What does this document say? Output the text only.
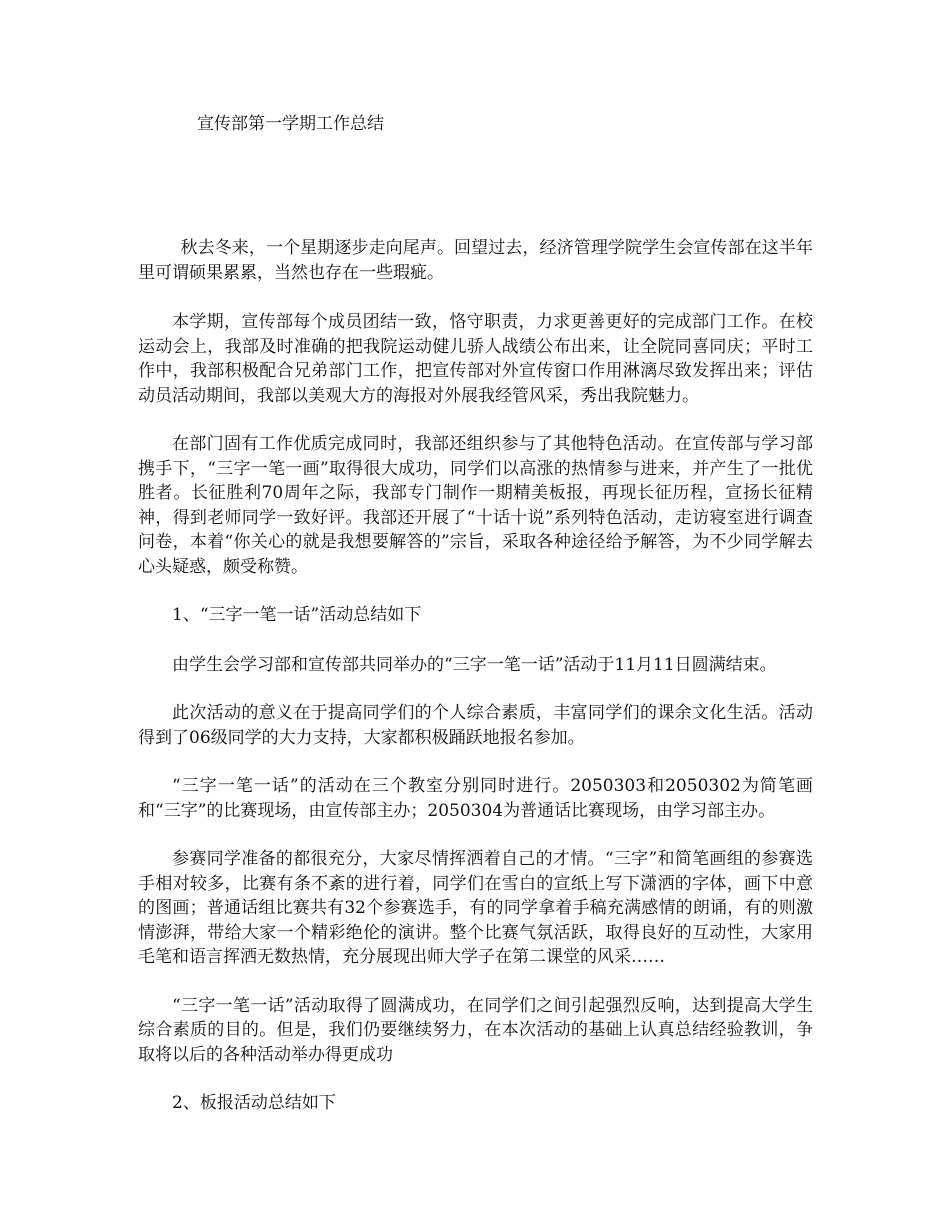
宣传部第一学期工作总结

秋去冬来，一个星期逐步走向尾声。回望过去，经济管理学院学生会宣传部在这半年里可谓硕果累累，当然也存在一些瑕疵。

本学期，宣传部每个成员团结一致，恪守职责，力求更善更好的完成部门工作。在校运动会上，我部及时准确的把我院运动健儿骄人战绩公布出来，让全院同喜同庆；平时工作中，我部积极配合兄弟部门工作，把宣传部对外宣传窗口作用淋漓尽致发挥出来；评估动员活动期间，我部以美观大方的海报对外展我经管风采，秀出我院魅力。

在部门固有工作优质完成同时，我部还组织参与了其他特色活动。在宣传部与学习部携手下，“三字一笔一画”取得很大成功，同学们以高涨的热情参与进来，并产生了一批优胜者。长征胜利70周年之际，我部专门制作一期精美板报，再现长征历程，宣扬长征精神，得到老师同学一致好评。我部还开展了“十话十说”系列特色活动，走访寝室进行调查问卷，本着“你关心的就是我想要解答的”宗旨，采取各种途径给予解答，为不少同学解去心头疑惑，颇受称赞。

1、“三字一笔一话”活动总结如下

由学生会学习部和宣传部共同举办的“三字一笔一话”活动于11月11日圆满结束。

此次活动的意义在于提高同学们的个人综合素质，丰富同学们的课余文化生活。活动得到了06级同学的大力支持，大家都积极踊跃地报名参加。

“三字一笔一话”的活动在三个教室分别同时进行。2050303和2050302为简笔画和“三字”的比赛现场，由宣传部主办；2050304为普通话比赛现场，由学习部主办。

参赛同学准备的都很充分，大家尽情挥洒着自己的才情。“三字”和简笔画组的参赛选手相对较多，比赛有条不紊的进行着，同学们在雪白的宣纸上写下潇洒的字体，画下中意的图画；普通话组比赛共有32个参赛选手，有的同学拿着手稿充满感情的朗诵，有的则激情澎湃，带给大家一个精彩绝伦的演讲。整个比赛气氛活跃，取得良好的互动性，大家用毛笔和语言挥洒无数热情，充分展现出师大学子在第二课堂的风采……

“三字一笔一话”活动取得了圆满成功，在同学们之间引起强烈反响，达到提高大学生综合素质的目的。但是，我们仍要继续努力，在本次活动的基础上认真总结经验教训，争取将以后的各种活动举办得更成功

2、板报活动总结如下
